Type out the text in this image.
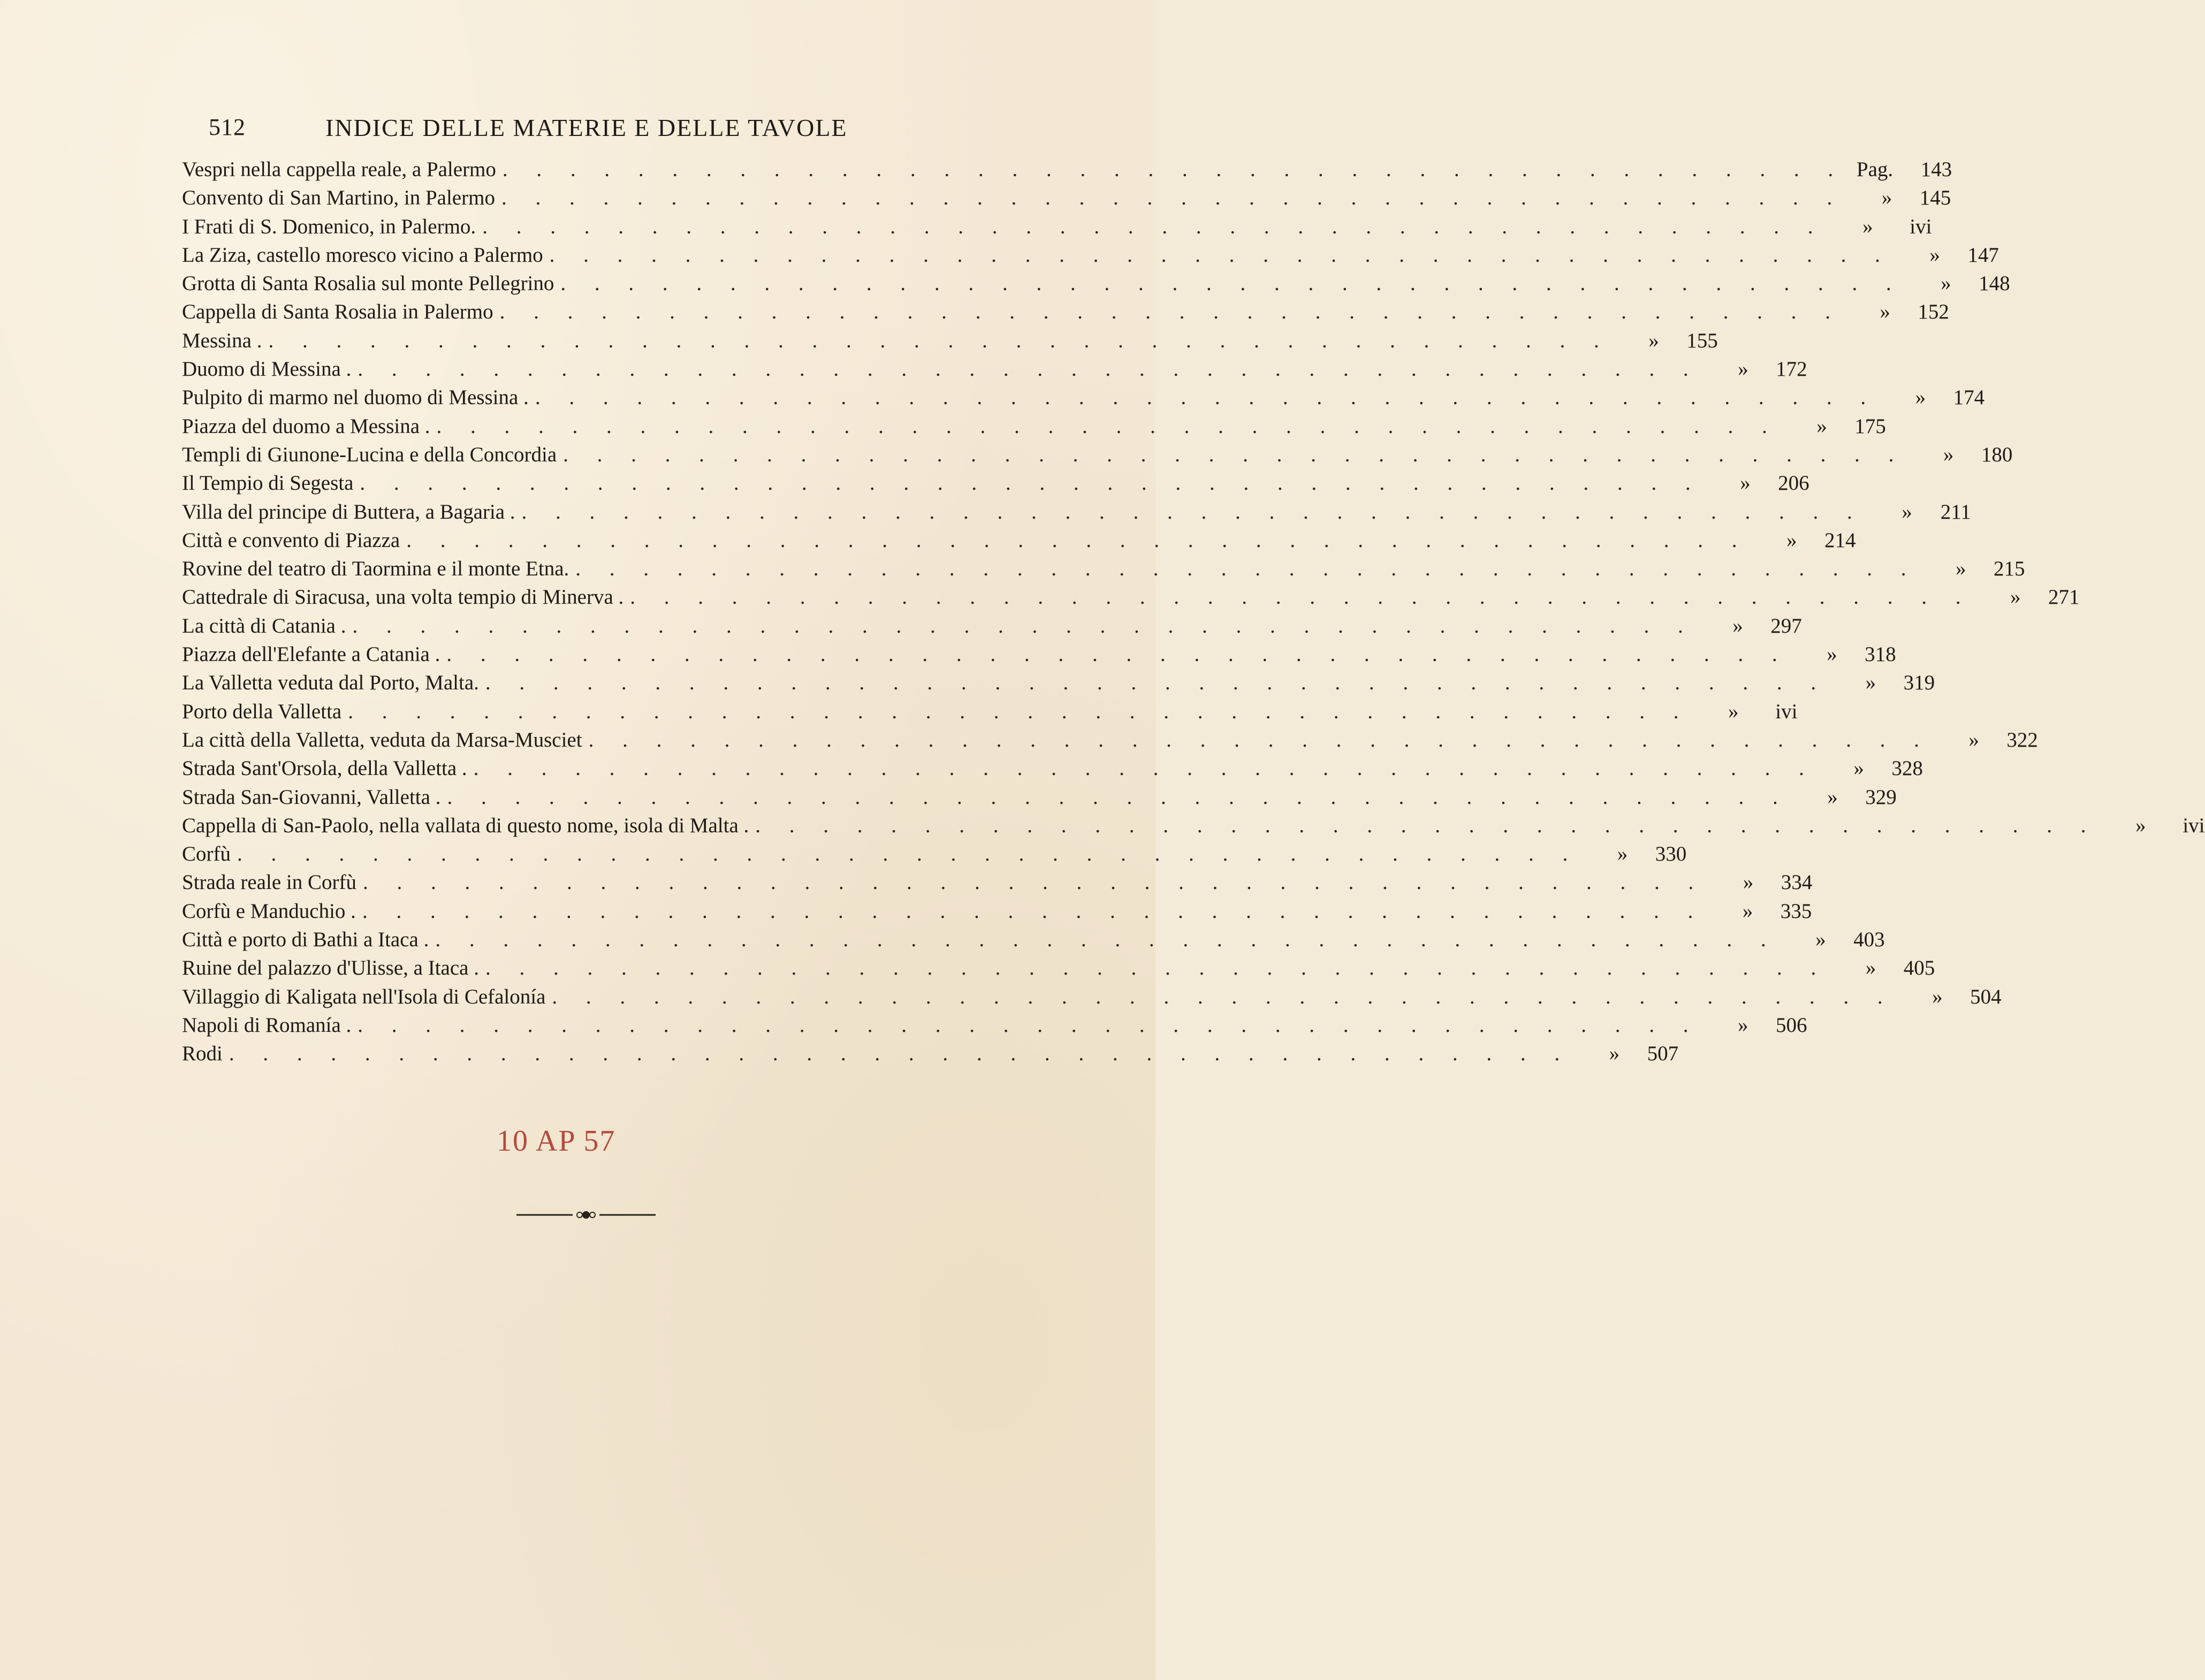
512	INDICE DELLE MATERIE E DELLE TAVOLE
Vespri nella cappella reale, a Palermo . . . . . . . . . . . . . . . . . . . . . . . . . . . . . . . . . . . . . . . . Pag.	143
Convento di San Martino, in Palermo . . . . . . . . . . . . . . . . . . . . . . . . . . . . . . . . . . . . . . . .	»	145
I Frati di S. Domenico, in Palermo. . . . . . . . . . . . . . . . . . . . . . . . . . . . . . . . . . . . . . . . .	»	ivi
La Ziza, castello moresco vicino a Palermo . . . . . . . . . . . . . . . . . . . . . . . . . . . . . . . . . . . . . . . .	»	147
Grotta di Santa Rosalia sul monte Pellegrino . . . . . . . . . . . . . . . . . . . . . . . . . . . . . . . . . . . . . . . .	»	148
Cappella di Santa Rosalia in Palermo . . . . . . . . . . . . . . . . . . . . . . . . . . . . . . . . . . . . . . . .	»	152
Messina . . . . . . . . . . . . . . . . . . . . . . . . . . . . . . . . . . . . . . . . .	»	155
Duomo di Messina . . . . . . . . . . . . . . . . . . . . . . . . . . . . . . . . . . . . . . . . .	»	172
Pulpito di marmo nel duomo di Messina . . . . . . . . . . . . . . . . . . . . . . . . . . . . . . . . . . . . . . . . .	»	174
Piazza del duomo a Messina . . . . . . . . . . . . . . . . . . . . . . . . . . . . . . . . . . . . . . . . .	»	175
Templi di Giunone-Lucina e della Concordia . . . . . . . . . . . . . . . . . . . . . . . . . . . . . . . . . . . . . . . .	»	180
Il Tempio di Segesta . . . . . . . . . . . . . . . . . . . . . . . . . . . . . . . . . . . . . . . .	»	206
Villa del principe di Buttera, a Bagaria . . . . . . . . . . . . . . . . . . . . . . . . . . . . . . . . . . . . . . . . .	»	211
Città e convento di Piazza . . . . . . . . . . . . . . . . . . . . . . . . . . . . . . . . . . . . . . . .	»	214
Rovine del teatro di Taormina e il monte Etna. . . . . . . . . . . . . . . . . . . . . . . . . . . . . . . . . . . . . . . . .	»	215
Cattedrale di Siracusa, una volta tempio di Minerva . . . . . . . . . . . . . . . . . . . . . . . . . . . . . . . . . . . . . . . . .	»	271
La città di Catania . . . . . . . . . . . . . . . . . . . . . . . . . . . . . . . . . . . . . . . . .	»	297
Piazza dell'Elefante a Catania . . . . . . . . . . . . . . . . . . . . . . . . . . . . . . . . . . . . . . . . .	»	318
La Valletta veduta dal Porto, Malta. . . . . . . . . . . . . . . . . . . . . . . . . . . . . . . . . . . . . . . . .	»	319
Porto della Valletta . . . . . . . . . . . . . . . . . . . . . . . . . . . . . . . . . . . . . . . .	»	ivi
La città della Valletta, veduta da Marsa-Musciet . . . . . . . . . . . . . . . . . . . . . . . . . . . . . . . . . . . . . . . .	»	322
Strada Sant'Orsola, della Valletta . . . . . . . . . . . . . . . . . . . . . . . . . . . . . . . . . . . . . . . . .	»	328
Strada San-Giovanni, Valletta . . . . . . . . . . . . . . . . . . . . . . . . . . . . . . . . . . . . . . . . .	»	329
Cappella di San-Paolo, nella vallata di questo nome, isola di Malta . . . . . . . . . . . . . . . . . . . . . . . . . . . . . . . . . . . . . . . . .	»	ivi
Corfù . . . . . . . . . . . . . . . . . . . . . . . . . . . . . . . . . . . . . . . .	»	330
Strada reale in Corfù . . . . . . . . . . . . . . . . . . . . . . . . . . . . . . . . . . . . . . . .	»	334
Corfù e Manduchio . . . . . . . . . . . . . . . . . . . . . . . . . . . . . . . . . . . . . . . . .	»	335
Città e porto di Bathi a Itaca . . . . . . . . . . . . . . . . . . . . . . . . . . . . . . . . . . . . . . . . .	»	403
Ruine del palazzo d'Ulisse, a Itaca . . . . . . . . . . . . . . . . . . . . . . . . . . . . . . . . . . . . . . . . .	»	405
Villaggio di Kaligata nell'Isola di Cefalonía . . . . . . . . . . . . . . . . . . . . . . . . . . . . . . . . . . . . . . . .	»	504
Napoli di Romanía . . . . . . . . . . . . . . . . . . . . . . . . . . . . . . . . . . . . . . . . .	»	506
Rodi . . . . . . . . . . . . . . . . . . . . . . . . . . . . . . . . . . . . . . . .	»	507
10 AP 57
